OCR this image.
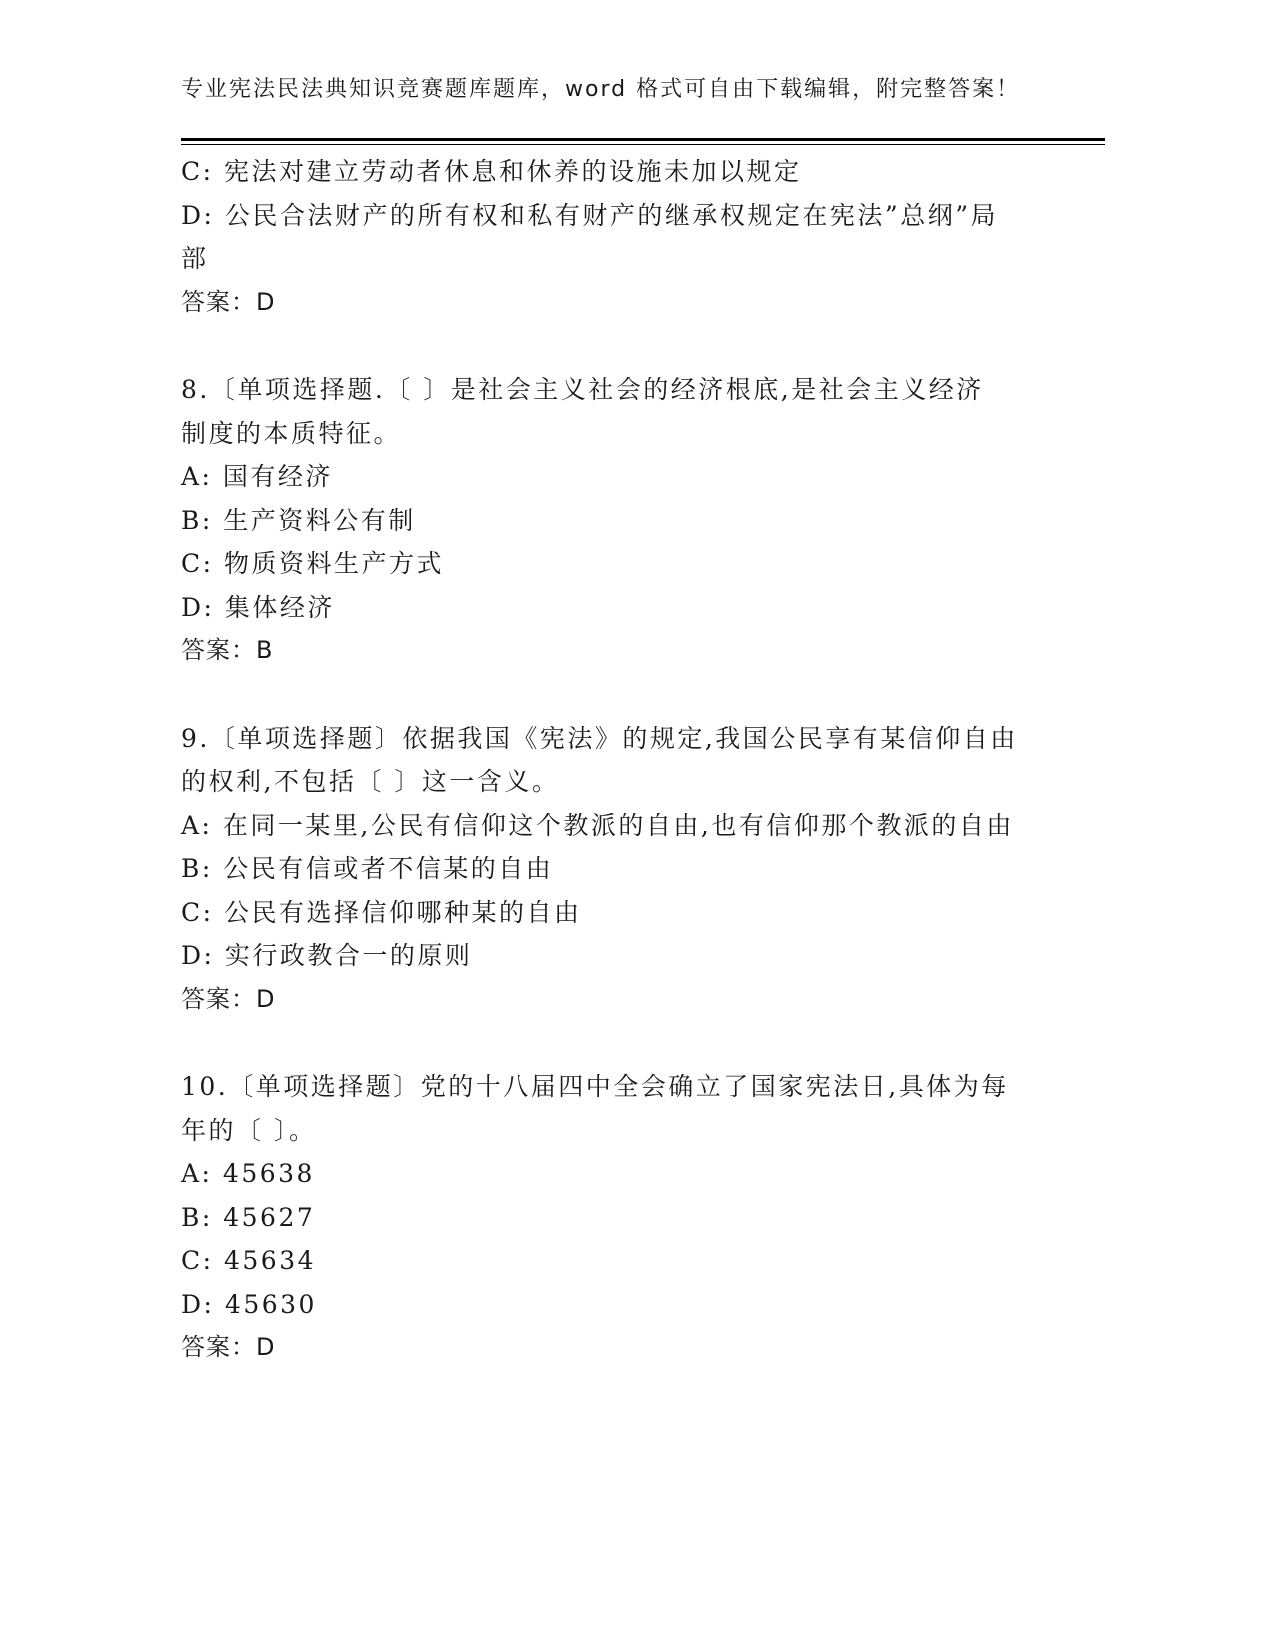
专业宪法民法典知识竞赛题库题库，word 格式可自由下载编辑，附完整答案！
C: 宪法对建立劳动者休息和休养的设施未加以规定
D: 公民合法财产的所有权和私有财产的继承权规定在宪法”总纲”局
部
答案：D
8.〔单项选择题.〔 〕是社会主义社会的经济根底,是社会主义经济
制度的本质特征。
A: 国有经济
B: 生产资料公有制
C: 物质资料生产方式
D: 集体经济
答案：B
9.〔单项选择题〕依据我国《宪法》的规定,我国公民享有某信仰自由
的权利,不包括〔 〕这一含义。
A: 在同一某里,公民有信仰这个教派的自由,也有信仰那个教派的自由
B: 公民有信或者不信某的自由
C: 公民有选择信仰哪种某的自由
D: 实行政教合一的原则
答案：D
10.〔单项选择题〕党的十八届四中全会确立了国家宪法日,具体为每
年的〔 〕。
A: 45638
B: 45627
C: 45634
D: 45630
答案：D
